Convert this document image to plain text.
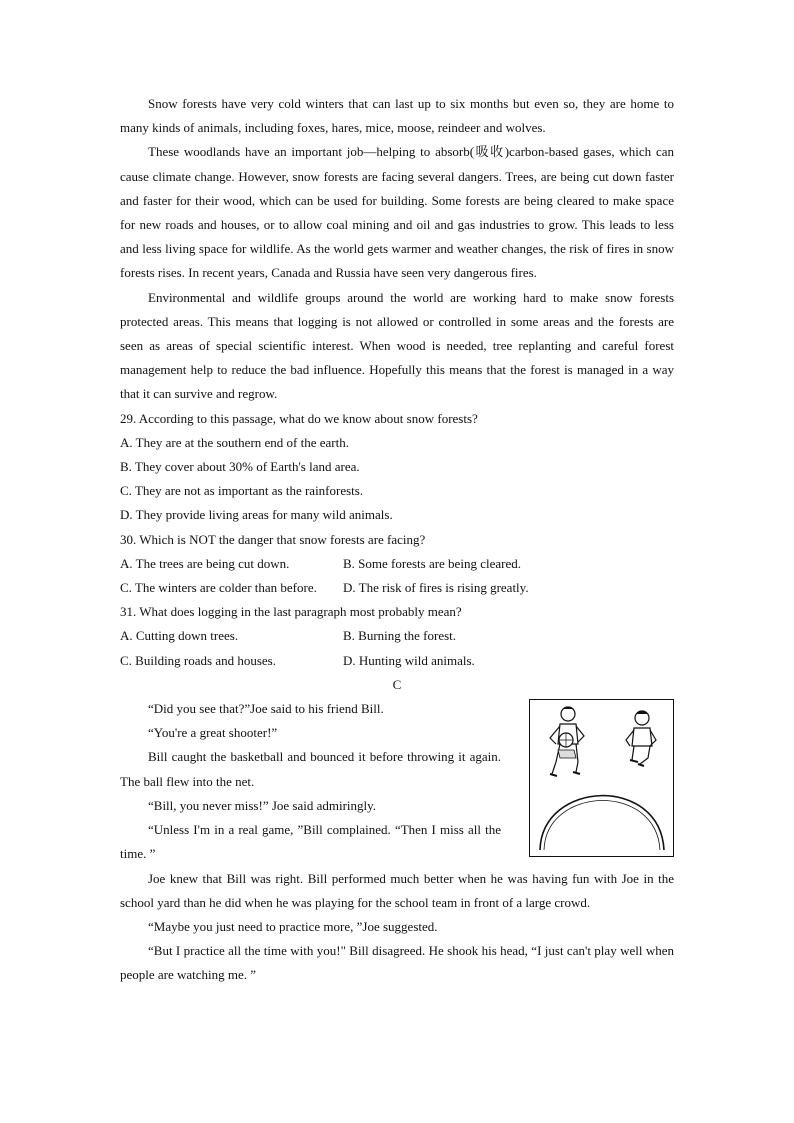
Snow forests have very cold winters that can last up to six months but even so, they are home to many kinds of animals, including foxes, hares, mice, moose, reindeer and wolves.

These woodlands have an important job—helping to absorb(吸收)carbon-based gases, which can cause climate change. However, snow forests are facing several dangers. Trees, are being cut down faster and faster for their wood, which can be used for building. Some forests are being cleared to make space for new roads and houses, or to allow coal mining and oil and gas industries to grow. This leads to less and less living space for wildlife. As the world gets warmer and weather changes, the risk of fires in snow forests rises. In recent years, Canada and Russia have seen very dangerous fires.

Environmental and wildlife groups around the world are working hard to make snow forests protected areas. This means that logging is not allowed or controlled in some areas and the forests are seen as areas of special scientific interest. When wood is needed, tree replanting and careful forest management help to reduce the bad influence. Hopefully this means that the forest is managed in a way that it can survive and regrow.

29. According to this passage, what do we know about snow forests?

A. They are at the southern end of the earth.

B. They cover about 30% of Earth's land area.

C. They are not as important as the rainforests.

D. They provide living areas for many wild animals.

30. Which is NOT the danger that snow forests are facing?

A. The trees are being cut down.	B. Some forests are being cleared.

C. The winters are colder than before.	D. The risk of fires is rising greatly.

31. What does logging in the last paragraph most probably mean?

A. Cutting down trees.	B. Burning the forest.

C. Building roads and houses.	D. Hunting wild animals.

C

“Did you see that?”Joe said to his friend Bill.

“You're a great shooter!”

Bill caught the basketball and bounced it before throwing it again. The ball flew into the net.

“Bill, you never miss!” Joe said admiringly.

“Unless I'm in a real game, ”Bill complained. “Then I miss all the time. ”

Joe knew that Bill was right. Bill performed much better when he was having fun with Joe in the school yard than he did when he was playing for the school team in front of a large crowd.

“Maybe you just need to practice more, ”Joe suggested.

“But I practice all the time with you!" Bill disagreed. He shook his head, “I just can't play well when people are watching me. ”
